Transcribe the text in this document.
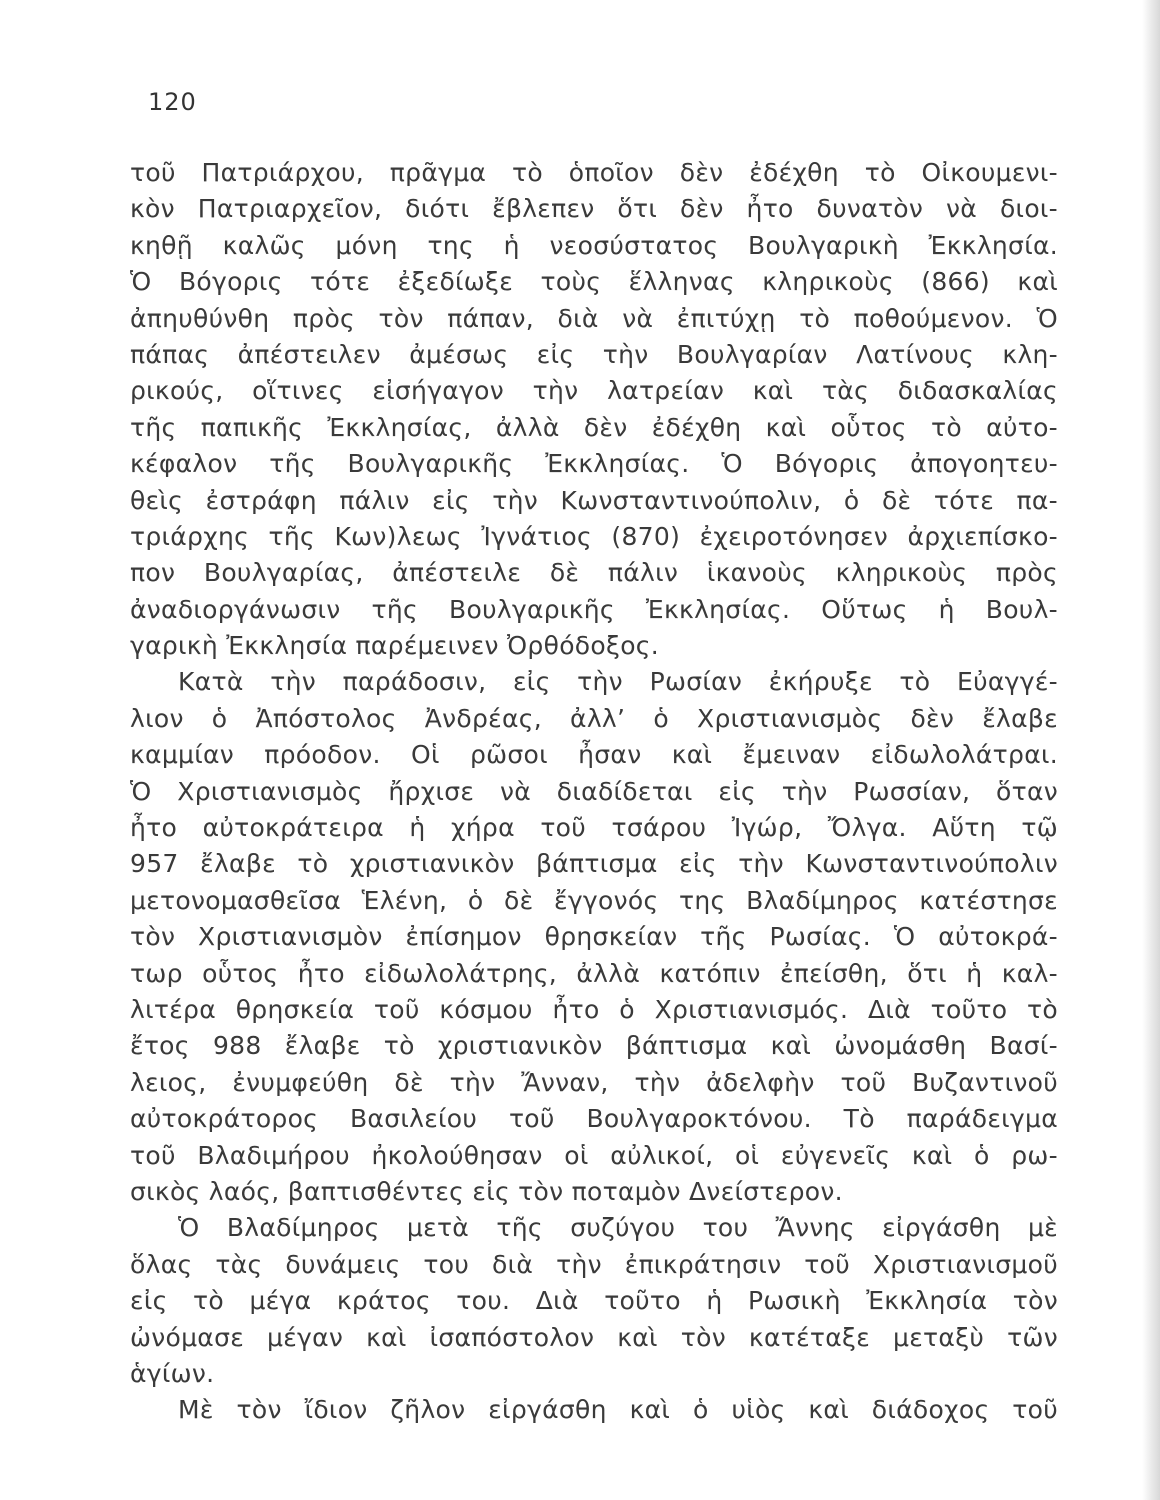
120
τοῦ Πατριάρχου, πρᾶγμα τὸ ὁποῖον δὲν ἐδέχθη τὸ Οἰκουμενι-
κὸν Πατριαρχεῖον, διότι ἔβλεπεν ὅτι δὲν ἦτο δυνατὸν νὰ διοι-
κηθῇ καλῶς μόνη της ἡ νεοσύστατος Βουλγαρικὴ Ἐκκλησία.
Ὁ Βόγορις τότε ἐξεδίωξε τοὺς ἕλληνας κληρικοὺς (866) καὶ
ἀπηυθύνθη πρὸς τὸν πάπαν, διὰ νὰ ἐπιτύχῃ τὸ ποθούμενον. Ὁ
πάπας ἀπέστειλεν ἀμέσως εἰς τὴν Βουλγαρίαν Λατίνους κλη-
ρικούς, οἵτινες εἰσήγαγον τὴν λατρείαν καὶ τὰς διδασκαλίας
τῆς παπικῆς Ἐκκλησίας, ἀλλὰ δὲν ἐδέχθη καὶ οὗτος τὸ αὐτο-
κέφαλον τῆς Βουλγαρικῆς Ἐκκλησίας. Ὁ Βόγορις ἀπογοητευ-
θεὶς ἐστράφη πάλιν εἰς τὴν Κωνσταντινούπολιν, ὁ δὲ τότε πα-
τριάρχης τῆς Κων)λεως Ἰγνάτιος (870) ἐχειροτόνησεν ἀρχιεπίσκο-
πον Βουλγαρίας, ἀπέστειλε δὲ πάλιν ἱκανοὺς κληρικοὺς πρὸς
ἀναδιοργάνωσιν τῆς Βουλγαρικῆς Ἐκκλησίας. Οὕτως ἡ Βουλ-
γαρικὴ Ἐκκλησία παρέμεινεν Ὀρθόδοξος.
Κατὰ τὴν παράδοσιν, εἰς τὴν Ρωσίαν ἐκήρυξε τὸ Εὐαγγέ-
λιον ὁ Ἀπόστολος Ἀνδρέας, ἀλλ’ ὁ Χριστιανισμὸς δὲν ἔλαβε
καμμίαν πρόοδον. Οἱ ρῶσοι ἦσαν καὶ ἔμειναν εἰδωλολάτραι.
Ὁ Χριστιανισμὸς ἤρχισε νὰ διαδίδεται εἰς τὴν Ρωσσίαν, ὅταν
ἦτο αὐτοκράτειρα ἡ χήρα τοῦ τσάρου Ἰγώρ, Ὄλγα. Αὕτη τῷ
957 ἔλαβε τὸ χριστιανικὸν βάπτισμα εἰς τὴν Κωνσταντινούπολιν
μετονομασθεῖσα Ἑλένη, ὁ δὲ ἔγγονός της Βλαδίμηρος κατέστησε
τὸν Χριστιανισμὸν ἐπίσημον θρησκείαν τῆς Ρωσίας. Ὁ αὐτοκρά-
τωρ οὗτος ἦτο εἰδωλολάτρης, ἀλλὰ κατόπιν ἐπείσθη, ὅτι ἡ καλ-
λιτέρα θρησκεία τοῦ κόσμου ἦτο ὁ Χριστιανισμός. Διὰ τοῦτο τὸ
ἔτος 988 ἔλαβε τὸ χριστιανικὸν βάπτισμα καὶ ὠνομάσθη Βασί-
λειος, ἐνυμφεύθη δὲ τὴν Ἄνναν, τὴν ἀδελφὴν τοῦ Βυζαντινοῦ
αὐτοκράτορος Βασιλείου τοῦ Βουλγαροκτόνου. Τὸ παράδειγμα
τοῦ Βλαδιμήρου ἠκολούθησαν οἱ αὐλικοί, οἱ εὐγενεῖς καὶ ὁ ρω-
σικὸς λαός, βαπτισθέντες εἰς τὸν ποταμὸν Δνείστερον.
Ὁ Βλαδίμηρος μετὰ τῆς συζύγου του Ἄννης εἰργάσθη μὲ
ὅλας τὰς δυνάμεις του διὰ τὴν ἐπικράτησιν τοῦ Χριστιανισμοῦ
εἰς τὸ μέγα κράτος του. Διὰ τοῦτο ἡ Ρωσικὴ Ἐκκλησία τὸν
ὠνόμασε μέγαν καὶ ἰσαπόστολον καὶ τὸν κατέταξε μεταξὺ τῶν
ἁγίων.
Μὲ τὸν ἴδιον ζῆλον εἰργάσθη καὶ ὁ υἱὸς καὶ διάδοχος τοῦ
